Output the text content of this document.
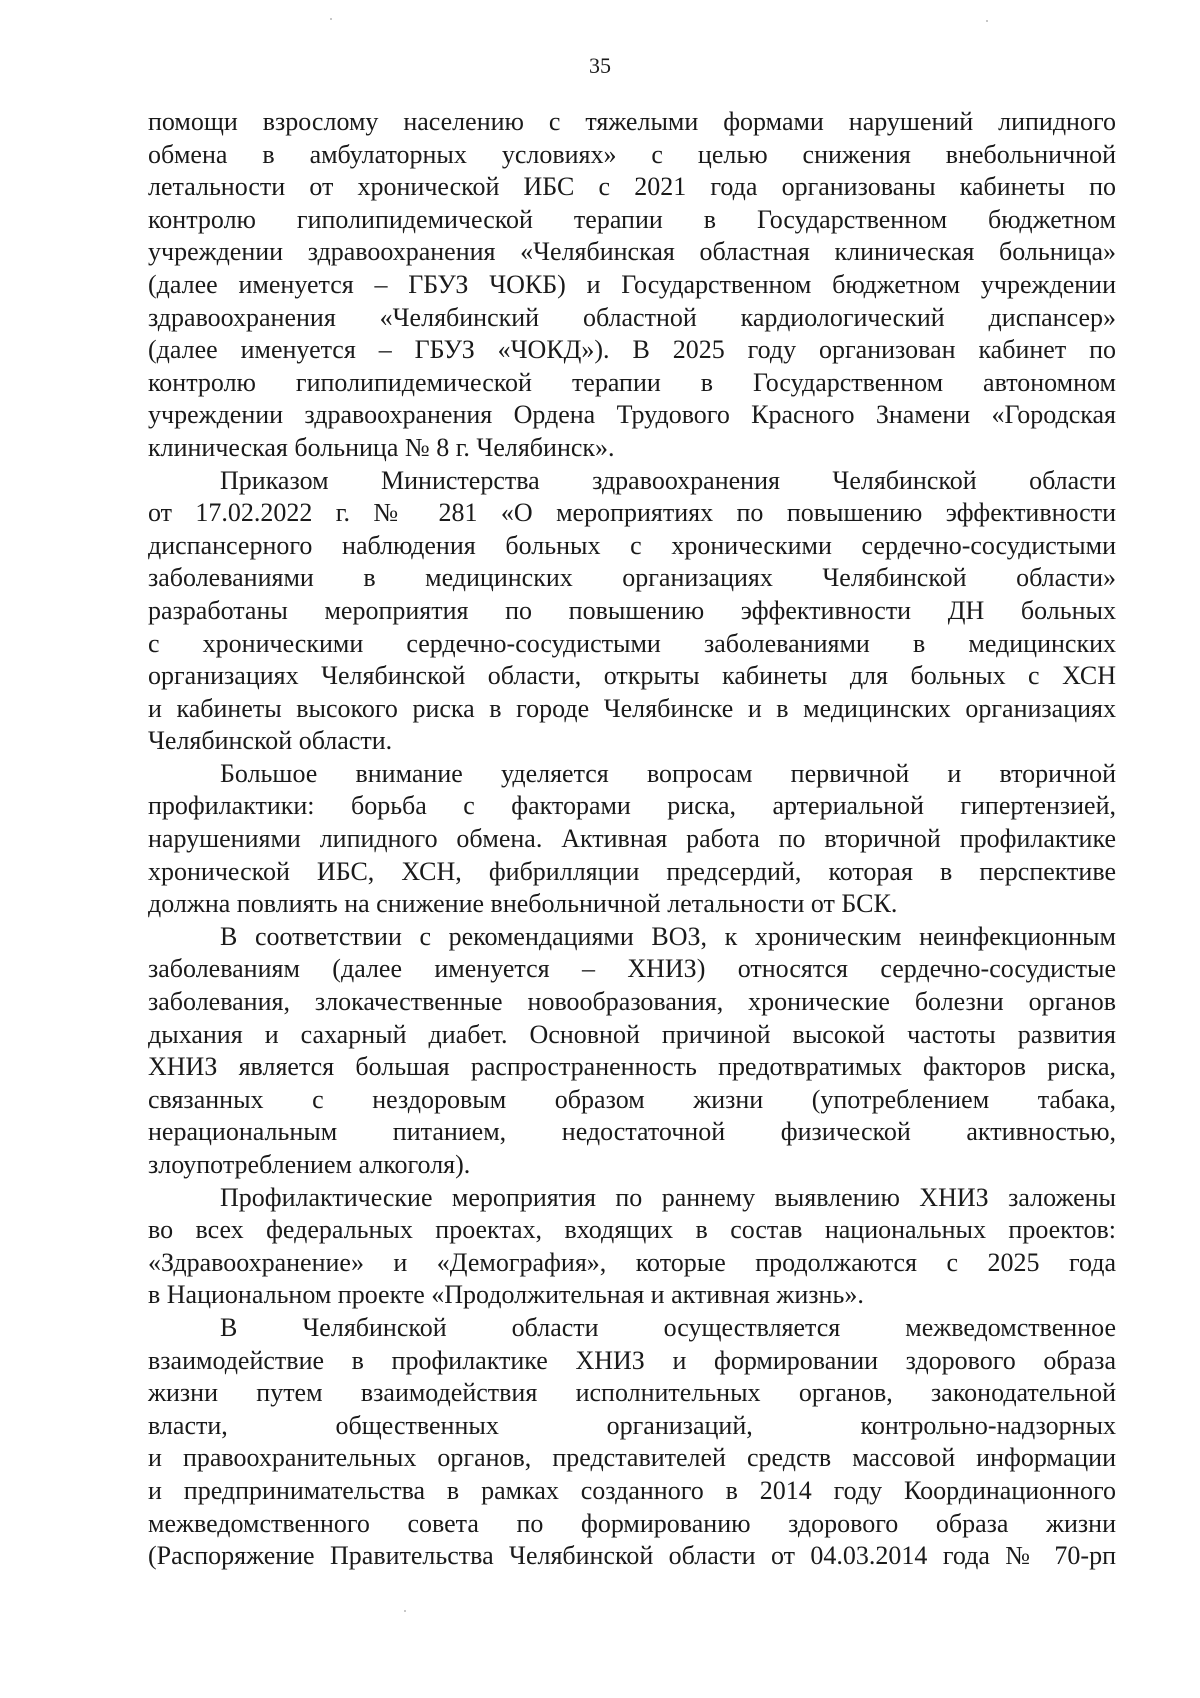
35
помощи взрослому населению с тяжелыми формами нарушений липидного
обмена в амбулаторных условиях» с целью снижения внебольничной
летальности от хронической ИБС с 2021 года организованы кабинеты по
контролю гиполипидемической терапии в Государственном бюджетном
учреждении здравоохранения «Челябинская областная клиническая больница»
(далее именуется – ГБУЗ ЧОКБ) и Государственном бюджетном учреждении
здравоохранения «Челябинский областной кардиологический диспансер»
(далее именуется – ГБУЗ «ЧОКД»). В 2025 году организован кабинет по
контролю гиполипидемической терапии в Государственном автономном
учреждении здравоохранения Ордена Трудового Красного Знамени «Городская
клиническая больница № 8 г. Челябинск».
Приказом Министерства здравоохранения Челябинской области
от 17.02.2022 г. № 281 «О мероприятиях по повышению эффективности
диспансерного наблюдения больных с хроническими сердечно-сосудистыми
заболеваниями в медицинских организациях Челябинской области»
разработаны мероприятия по повышению эффективности ДН больных
с хроническими сердечно-сосудистыми заболеваниями в медицинских
организациях Челябинской области, открыты кабинеты для больных с ХСН
и кабинеты высокого риска в городе Челябинске и в медицинских организациях
Челябинской области.
Большое внимание уделяется вопросам первичной и вторичной
профилактики: борьба с факторами риска, артериальной гипертензией,
нарушениями липидного обмена. Активная работа по вторичной профилактике
хронической ИБС, ХСН, фибрилляции предсердий, которая в перспективе
должна повлиять на снижение внебольничной летальности от БСК.
В соответствии с рекомендациями ВОЗ, к хроническим неинфекционным
заболеваниям (далее именуется – ХНИЗ) относятся сердечно-сосудистые
заболевания, злокачественные новообразования, хронические болезни органов
дыхания и сахарный диабет. Основной причиной высокой частоты развития
ХНИЗ является большая распространенность предотвратимых факторов риска,
связанных с нездоровым образом жизни (употреблением табака,
нерациональным питанием, недостаточной физической активностью,
злоупотреблением алкоголя).
Профилактические мероприятия по раннему выявлению ХНИЗ заложены
во всех федеральных проектах, входящих в состав национальных проектов:
«Здравоохранение» и «Демография», которые продолжаются с 2025 года
в Национальном проекте «Продолжительная и активная жизнь».
В Челябинской области осуществляется межведомственное
взаимодействие в профилактике ХНИЗ и формировании здорового образа
жизни путем взаимодействия исполнительных органов, законодательной
власти, общественных организаций, контрольно-надзорных
и правоохранительных органов, представителей средств массовой информации
и предпринимательства в рамках созданного в 2014 году Координационного
межведомственного совета по формированию здорового образа жизни
(Распоряжение Правительства Челябинской области от 04.03.2014 года № 70-рп
